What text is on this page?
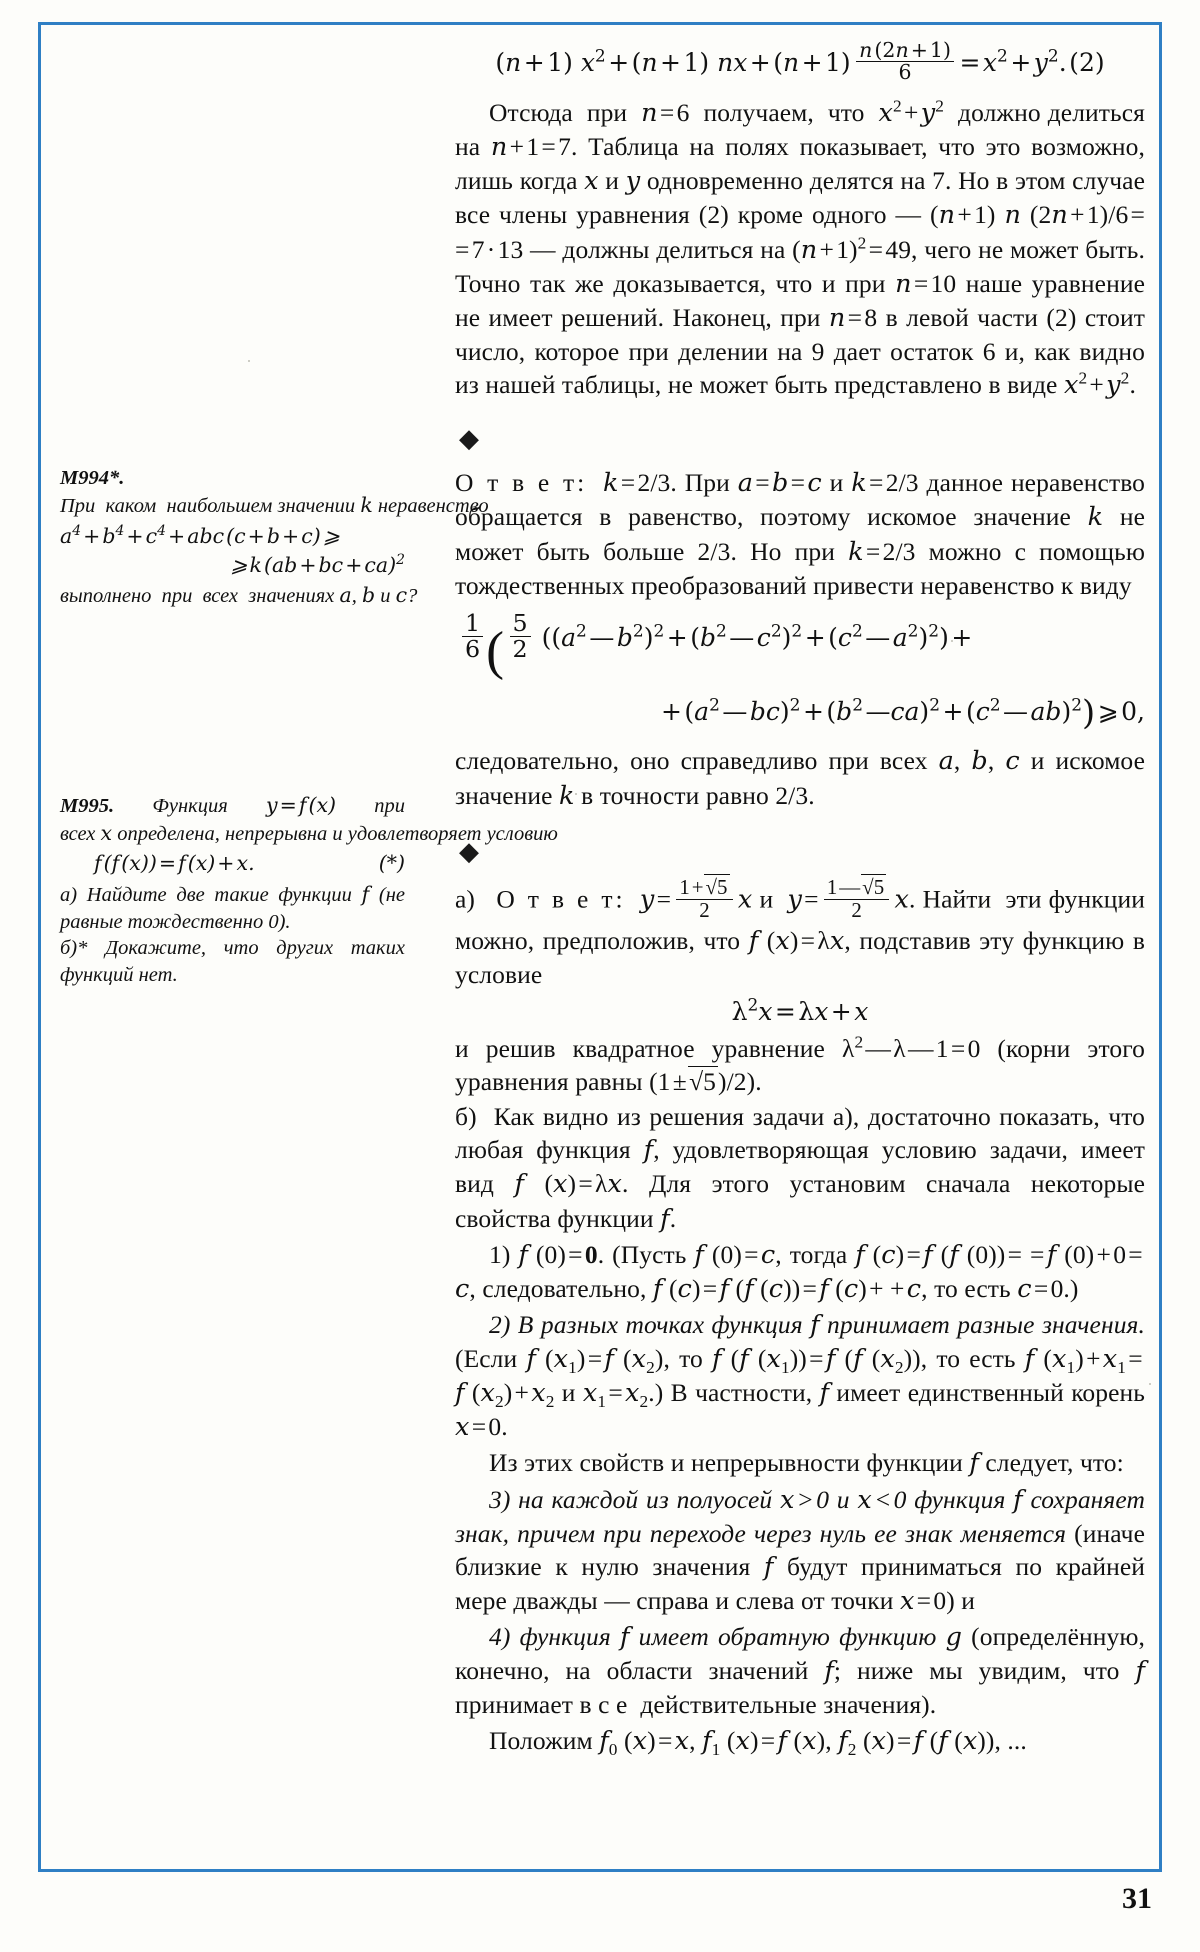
М994*. При  каком  наибольшем значении k неравенство

$a^4$ + $b^4$ + $c^4$ + abc (c + b + c) ⩾

⩾ k (ab + bc + ca)$^2$

выполнено  при  всех  значениях a, b и c?

М995. Функция y = f (x) при всех x определена, непрерывна и удовлетворяет условию

f (f (x)) = f (x) + x.	(*)

а) Найдите две такие функции f (не равные тождественно 0).

б)* Докажите, что других таких функций нет.

(n + 1) $x^2$ + (n + 1) nx + (n + 1)  $\frac{n (2n + 1)}{6}$  = $x^2$ + $y^2$. (2)

Отсюда  при  n = 6  получаем,  что  $x^2$ + $y^2$  должно делиться на n + 1 = 7. Таблица на полях показывает, что это возможно, лишь когда x и y одновременно делятся на 7. Но в этом случае все члены уравнения (2) кроме одного — (n + 1) n (2n + 1)/6 = = 7 · 13 — должны делиться на (n + 1)$^2$ = 49, чего не может быть. Точно так же доказывается, что и при n = 10 наше уравнение не имеет решений. Наконец, при n = 8 в левой части (2) стоит число, которое при делении на 9 дает остаток 6 и, как видно из нашей таблицы, не может быть представлено в виде $x^2$ + $y^2$.

◆

О т в е т: k = 2/3. При a = b = c и k = 2/3 данное неравенство обращается в равенство, поэтому искомое значение k не может быть больше 2/3. Но при k = 2/3 можно с помощью тождественных преобразований привести неравенство к виду

$\frac{1}{6}$ (  $\frac{5}{2} ((a^2$ — $b^2)^2$ + ($b^2$ — $c^2)^2$ + ($c^2$ — $a^2)^2$) +
+ ($a^2$ — bc)$^2$ + ($b^2$ —ca)$^2$ + ($c^2$ — ab)$^2$) ⩾ 0,

следовательно, оно справедливо при всех a, b, c и искомое значение k в точности равно 2/3.

◆

а) О т в е т: y =  $\frac{1 + √5}{2}$
  x и  y =  $\frac{1 — √5}{2}$
  x. Найти  эти функции можно, предположив, что f (x) = λx, подставив эту функцию в условие

$\lambda^2x$ = λx + x

и решив квадратное уравнение $\lambda^2$ — λ — 1 = 0 (корни этого уравнения равны (1 ± √5)/2).

б)  Как видно из решения задачи а), достаточно показать, что любая функция f, удовлетворяющая условию задачи, имеет вид f (x) = λx. Для этого установим сначала некоторые свойства функции f.

1) f (0) = 0. (Пусть f (0) = c, тогда f (c) = f (f (0)) = = f (0) + 0 = c, следовательно, f (c) = f (f (c)) = f (c) + + c, то есть c = 0.)

2) В разных точках функция f принимает разные значения. (Если f $(x_1)$ = f $(x_2)$, то f (f $(x_1)$) = f (f $(x_2)$), то есть f $(x_1)$ + $x_1$ = f $(x_2)$ + $x_2$ и $x_1$ = $x_2$.) В частности, f имеет единственный корень x = 0.

Из этих свойств и непрерывности функции f следует, что:

3) на каждой из полуосей x > 0 и x < 0 функция f сохраняет знак, причем при переходе через нуль ее знак меняется (иначе близкие к нулю значения f будут приниматься по крайней мере дважды — справа и слева от точки x = 0) и

4) функция f имеет обратную функцию g (определённую, конечно, на области значений f; ниже мы увидим, что f принимает в с е  действительные значения).

Положим $f_0$ (x) = x, $f_1$ (x) = f (x), $f_2$ (x) = f (f (x)), ...

31
